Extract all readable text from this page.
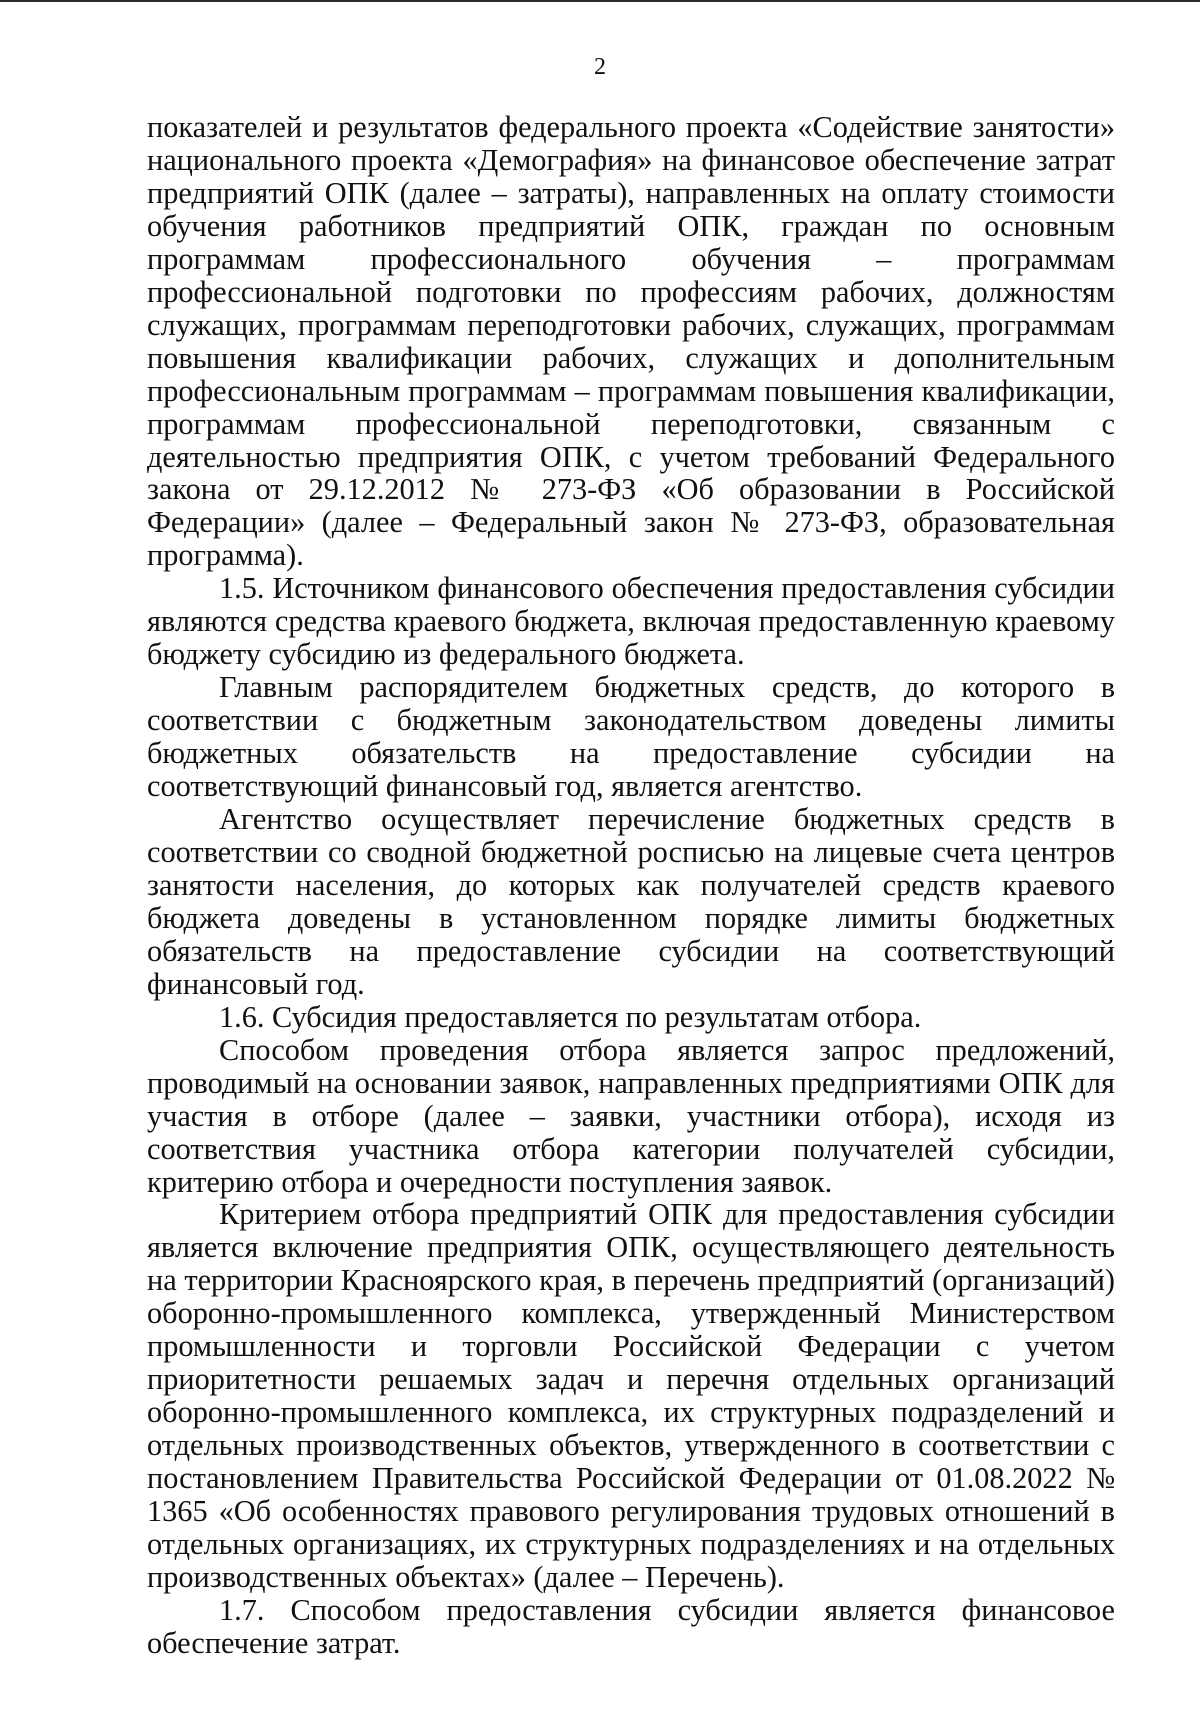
2

показателей и результатов федерального проекта «Содействие занятости» национального проекта «Демография» на финансовое обеспечение затрат предприятий ОПК (далее – затраты), направленных на оплату стоимости обучения работников предприятий ОПК, граждан по основным программам профессионального обучения – программам профессиональной подготовки по профессиям рабочих, должностям служащих, программам переподготовки рабочих, служащих, программам повышения квалификации рабочих, служащих и дополнительным профессиональным программам – программам повышения квалификации, программам профессиональной переподготовки, связанным с деятельностью предприятия ОПК, с учетом требований Федерального закона от 29.12.2012 № 273-ФЗ «Об образовании в Российской Федерации» (далее – Федеральный закон № 273-ФЗ, образовательная программа).

1.5. Источником финансового обеспечения предоставления субсидии являются средства краевого бюджета, включая предоставленную краевому бюджету субсидию из федерального бюджета.

Главным распорядителем бюджетных средств, до которого в соответствии с бюджетным законодательством доведены лимиты бюджетных обязательств на предоставление субсидии на соответствующий финансовый год, является агентство.

Агентство осуществляет перечисление бюджетных средств в соответствии со сводной бюджетной росписью на лицевые счета центров занятости населения, до которых как получателей средств краевого бюджета доведены в установленном порядке лимиты бюджетных обязательств на предоставление субсидии на соответствующий финансовый год.

1.6. Субсидия предоставляется по результатам отбора.

Способом проведения отбора является запрос предложений, проводимый на основании заявок, направленных предприятиями ОПК для участия в отборе (далее – заявки, участники отбора), исходя из соответствия участника отбора категории получателей субсидии, критерию отбора и очередности поступления заявок.

Критерием отбора предприятий ОПК для предоставления субсидии является включение предприятия ОПК, осуществляющего деятельность на территории Красноярского края, в перечень предприятий (организаций) оборонно-промышленного комплекса, утвержденный Министерством промышленности и торговли Российской Федерации с учетом приоритетности решаемых задач и перечня отдельных организаций оборонно-промышленного комплекса, их структурных подразделений и отдельных производственных объектов, утвержденного в соответствии с постановлением Правительства Российской Федерации от 01.08.2022 № 1365 «Об особенностях правового регулирования трудовых отношений в отдельных организациях, их структурных подразделениях и на отдельных производственных объектах» (далее – Перечень).

1.7. Способом предоставления субсидии является финансовое обеспечение затрат.
